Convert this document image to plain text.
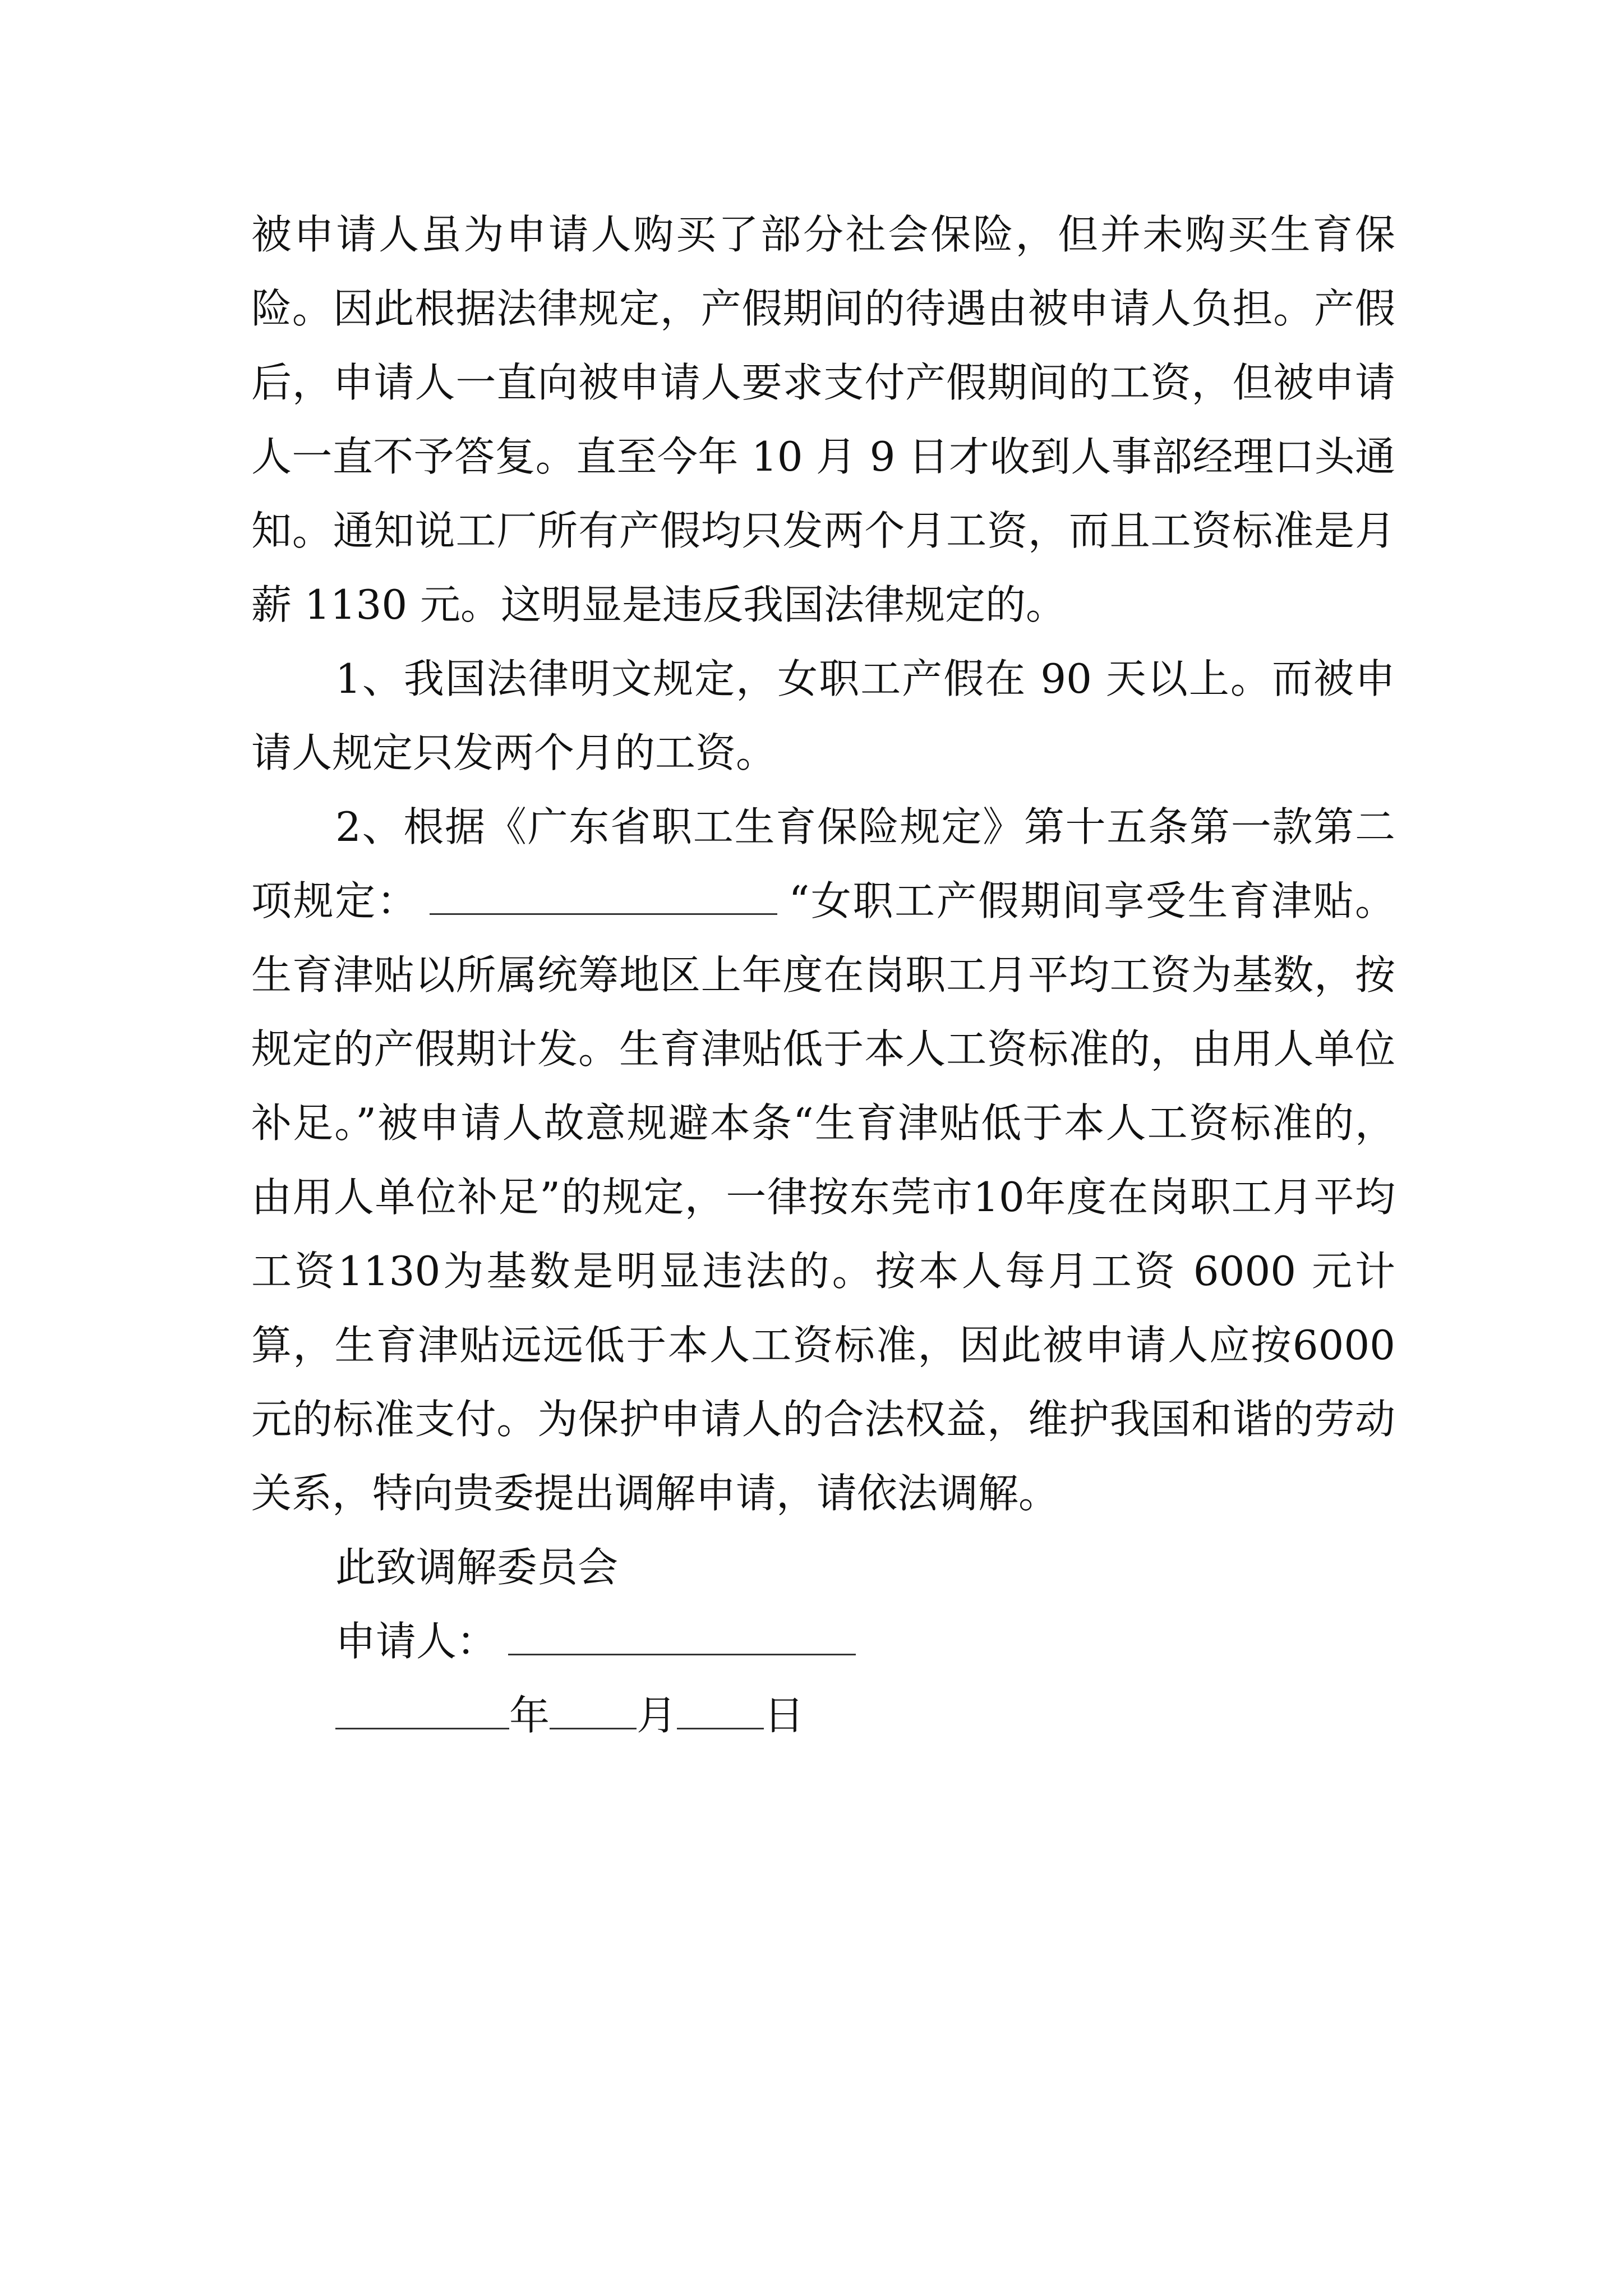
被申请人虽为申请人购买了部分社会保险，但并未购买生育保险。因此根据法律规定，产假期间的待遇由被申请人负担。产假后，申请人一直向被申请人要求支付产假期间的工资，但被申请人一直不予答复。直至今年 10 月 9 日才收到人事部经理口头通知。通知说工厂所有产假均只发两个月工资，而且工资标准是月薪 1130 元。这明显是违反我国法律规定的。

1、我国法律明文规定，女职工产假在 90 天以上。而被申请人规定只发两个月的工资。

2、根据《广东省职工生育保险规定》第十五条第一款第二项规定：	“女职工产假期间享受生育津贴。生育津贴以所属统筹地区上年度在岗职工月平均工资为基数，按规定的产假期计发。生育津贴低于本人工资标准的，由用人单位补足。”被申请人故意规避本条“生育津贴低于本人工资标准的，由用人单位补足”的规定，一律按东莞市10年度在岗职工月平均工资1130为基数是明显违法的。按本人每月工资 6000 元计算，生育津贴远远低于本人工资标准，因此被申请人应按6000 元的标准支付。为保护申请人的合法权益，维护我国和谐的劳动关系，特向贵委提出调解申请，请依法调解。

此致调解委员会

申请人：

年 月 日
